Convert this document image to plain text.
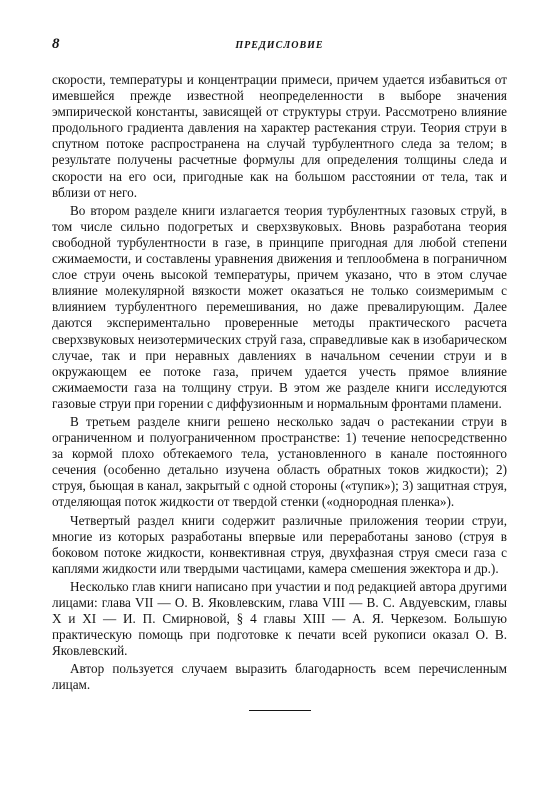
8	ПРЕДИСЛОВИЕ

скорости, температуры и концентрации примеси, причем удается избавиться от имевшейся прежде известной неопределенности в выборе значения эмпирической константы, зависящей от структуры струи. Рассмотрено влияние продольного градиента давления на характер растекания струи. Теория струи в спутном потоке распространена на случай турбулентного следа за телом; в результате получены расчетные формулы для определения толщины следа и скорости на его оси, пригодные как на большом расстоянии от тела, так и вблизи от него.

Во втором разделе книги излагается теория турбулентных газовых струй, в том числе сильно подогретых и сверхзвуковых. Вновь разработана теория свободной турбулентности в газе, в принципе пригодная для любой степени сжимаемости, и составлены уравнения движения и теплообмена в пограничном слое струи очень высокой температуры, причем указано, что в этом случае влияние молекулярной вязкости может оказаться не только соизмеримым с влиянием турбулентного перемешивания, но даже превалирующим. Далее даются экспериментально проверенные методы практического расчета сверхзвуковых неизотермических струй газа, справедливые как в изобарическом случае, так и при неравных давлениях в начальном сечении струи и в окружающем ее потоке газа, причем удается учесть прямое влияние сжимаемости газа на толщину струи. В этом же разделе книги исследуются газовые струи при горении с диффузионным и нормальным фронтами пламени.

В третьем разделе книги решено несколько задач о растекании струи в ограниченном и полуограниченном пространстве: 1) течение непосредственно за кормой плохо обтекаемого тела, установленного в канале постоянного сечения (особенно детально изучена область обратных токов жидкости); 2) струя, бьющая в канал, закрытый с одной стороны («тупик»); 3) защитная струя, отделяющая поток жидкости от твердой стенки («однородная пленка»).

Четвертый раздел книги содержит различные приложения теории струи, многие из которых разработаны впервые или переработаны заново (струя в боковом потоке жидкости, конвективная струя, двухфазная струя смеси газа с каплями жидкости или твердыми частицами, камера смешения эжектора и др.).

Несколько глав книги написано при участии и под редакцией автора другими лицами: глава VII — О. В. Яковлевским, глава VIII — В. С. Авдуевским, главы X и XI — И. П. Смирновой, § 4 главы XIII — А. Я. Черкезом. Большую практическую помощь при подготовке к печати всей рукописи оказал О. В. Яковлевский.

Автор пользуется случаем выразить благодарность всем перечисленным лицам.
